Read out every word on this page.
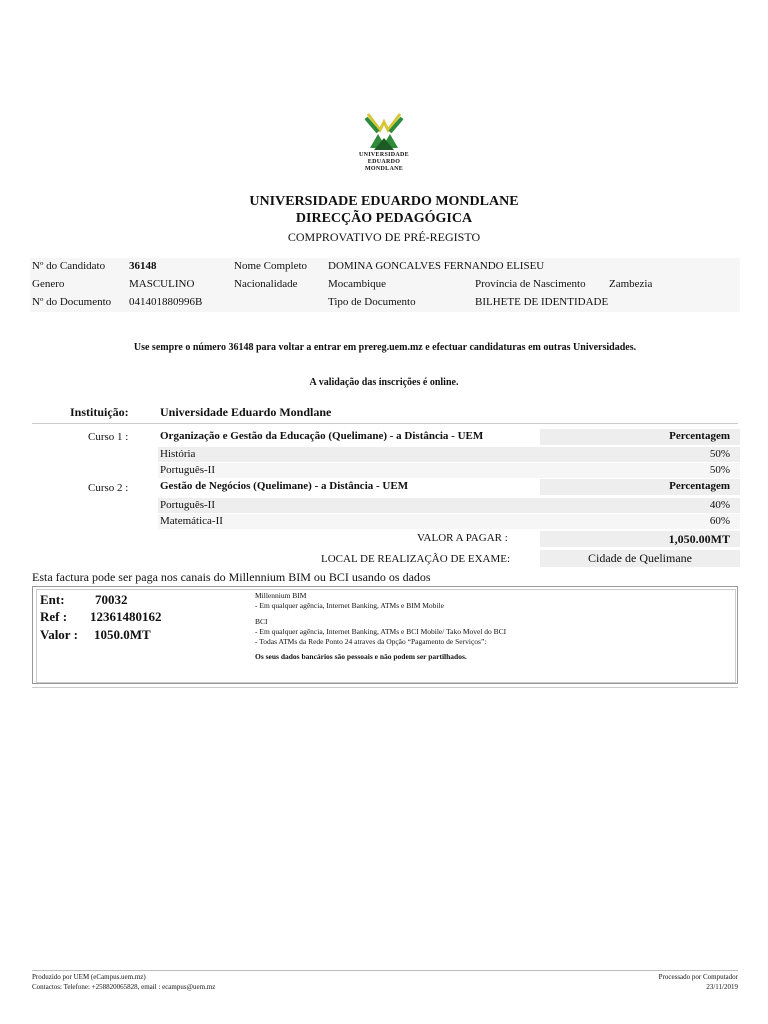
UNIVERSIDADE
EDUARDO
MONDLANE
UNIVERSIDADE EDUARDO MONDLANE
DIRECÇÃO PEDAGÓGICA
COMPROVATIVO DE PRÉ-REGISTO
Nº do Candidato 36148	Nome Completo DOMINA GONCALVES FERNANDO ELISEU
Genero	MASCULINO	Nacionalidade	Mocambique	Província de Nascimento Zambezia
Nº do Documento 041401880996B	Tipo de Documento	BILHETE DE IDENTIDADE
Use sempre o número 36148 para voltar a entrar em prereg.uem.mz e efectuar candidaturas em outras Universidades.
A validação das inscrições é online.
Instituição:	Universidade Eduardo Mondlane
Curso 1 :	Organização e Gestão da Educação (Quelimane) - a Distância - UEM	Percentagem
História	50%
Português-II	50%
Curso 2 :	Gestão de Negócios (Quelimane) - a Distância - UEM	Percentagem
Português-II	40%
Matemática-II	60%
VALOR A PAGAR :	1,050.00MT
LOCAL DE REALIZAÇÃO DE EXAME:	Cidade de Quelimane
Esta factura pode ser paga nos canais do Millennium BIM ou BCI usando os dados
Ent: 70032
Ref : 12361480162
Valor : 1050.0MT
Millennium BIM
- Em qualquer agência, Internet Banking, ATMs e BIM Mobile
BCI
- Em qualquer agência, Internet Banking, ATMs e BCI Mobile/ Tako Movel do BCI
- Todas ATMs da Rede Ponto 24 atraves da Opção “Pagamento de Serviços”:
Os seus dados bancários são pessoais e não podem ser partilhados.
Produzido por UEM (eCampus.uem.mz)
Contactos: Telefone: +258820065828, email : ecampus@uem.mz
Processado por Computador
23/11/2019
